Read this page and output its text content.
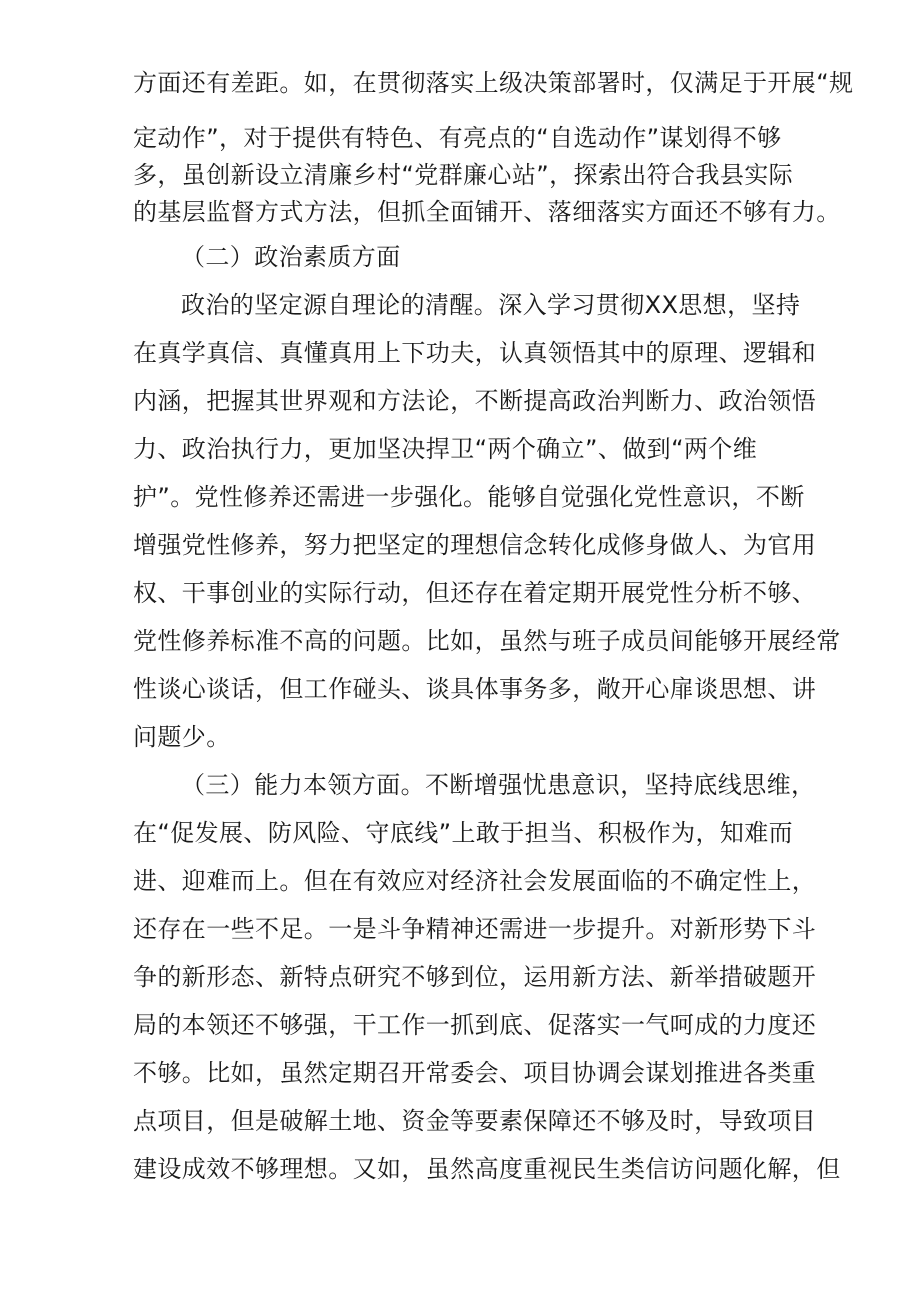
方面还有差距。如，在贯彻落实上级决策部署时，仅满足于开展“规
定动作”，对于提供有特色、有亮点的“自选动作”谋划得不够
多，虽创新设立清廉乡村“党群廉心站”，探索出符合我县实际
的基层监督方式方法，但抓全面铺开、落细落实方面还不够有力。
（二）政治素质方面
政治的坚定源自理论的清醒。深入学习贯彻XX思想，坚持
在真学真信、真懂真用上下功夫，认真领悟其中的原理、逻辑和
内涵，把握其世界观和方法论，不断提高政治判断力、政治领悟
力、政治执行力，更加坚决捍卫“两个确立”、做到“两个维
护”。党性修养还需进一步强化。能够自觉强化党性意识，不断
增强党性修养，努力把坚定的理想信念转化成修身做人、为官用
权、干事创业的实际行动，但还存在着定期开展党性分析不够、
党性修养标准不高的问题。比如，虽然与班子成员间能够开展经常
性谈心谈话，但工作碰头、谈具体事务多，敞开心扉谈思想、讲
问题少。
（三）能力本领方面。不断增强忧患意识，坚持底线思维，
在“促发展、防风险、守底线”上敢于担当、积极作为，知难而
进、迎难而上。但在有效应对经济社会发展面临的不确定性上，
还存在一些不足。一是斗争精神还需进一步提升。对新形势下斗
争的新形态、新特点研究不够到位，运用新方法、新举措破题开
局的本领还不够强，干工作一抓到底、促落实一气呵成的力度还
不够。比如，虽然定期召开常委会、项目协调会谋划推进各类重
点项目，但是破解土地、资金等要素保障还不够及时，导致项目
建设成效不够理想。又如，虽然高度重视民生类信访问题化解，但
